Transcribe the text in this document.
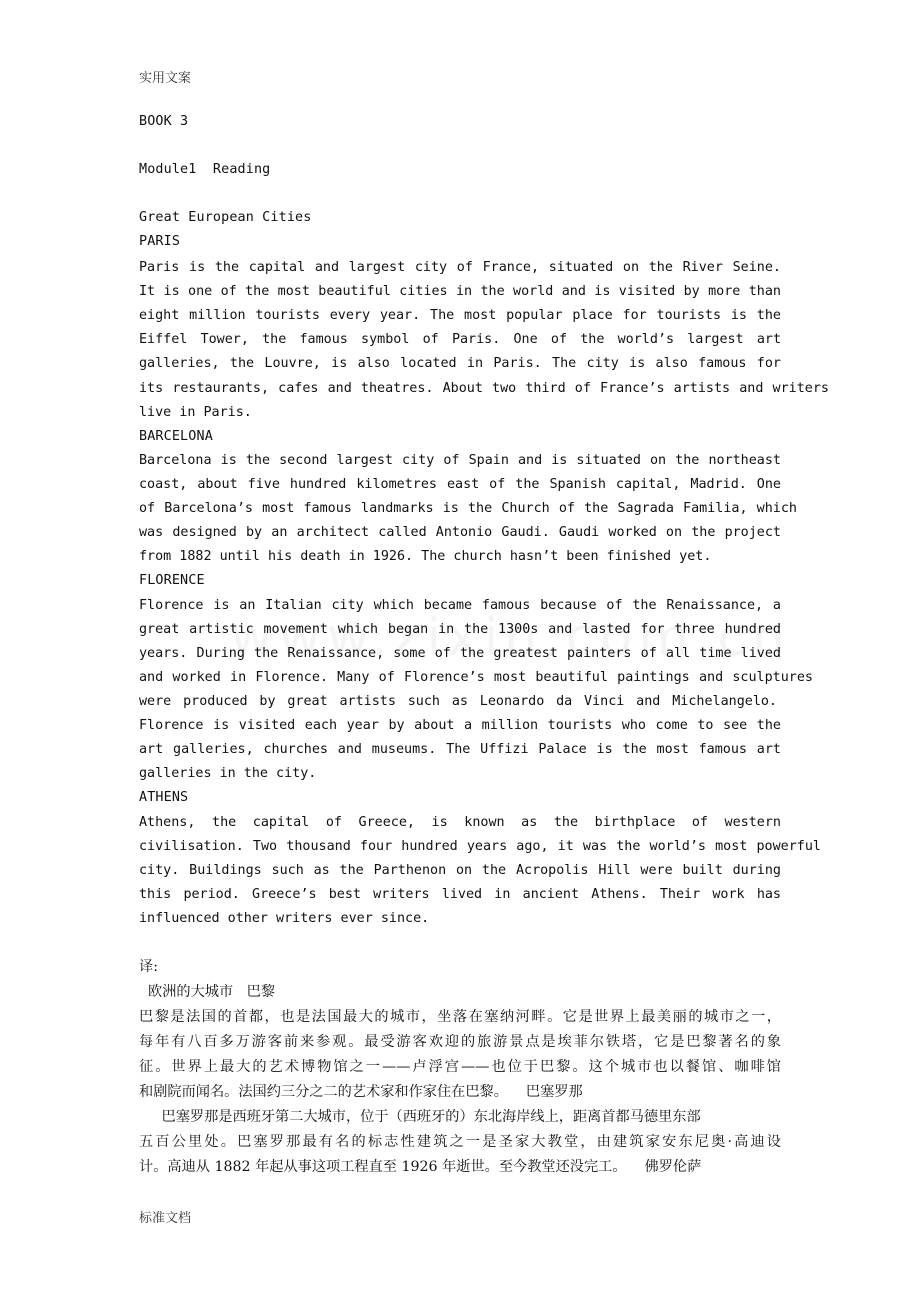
实用文案
BOOK 3
Module1  Reading
Great European Cities
PARIS
Paris is the capital and largest city of France, situated on the River Seine.
It is one of the most beautiful cities in the world and is visited by more than
eight million tourists every year. The most popular place for tourists is the
Eiffel Tower, the famous symbol of Paris. One of the world’s largest art
galleries, the Louvre, is also located in Paris. The city is also famous for
its restaurants, cafes and theatres. About two third of France’s artists and writers
live in Paris.
BARCELONA
Barcelona is the second largest city of Spain and is situated on the northeast
coast, about five hundred kilometres east of the Spanish capital, Madrid. One
of Barcelona’s most famous landmarks is the Church of the Sagrada Familia, which
was designed by an architect called Antonio Gaudi. Gaudi worked on the project
from 1882 until his death in 1926. The church hasn’t been finished yet.
FLORENCE
Florence is an Italian city which became famous because of the Renaissance, a
great artistic movement which began in the 1300s and lasted for three hundred
years. During the Renaissance, some of the greatest painters of all time lived
and worked in Florence. Many of Florence’s most beautiful paintings and sculptures
were produced by great artists such as Leonardo da Vinci and Michelangelo.
Florence is visited each year by about a million tourists who come to see the
art galleries, churches and museums. The Uffizi Palace is the most famous art
galleries in the city.
ATHENS
Athens, the capital of Greece, is known as the birthplace of western
civilisation. Two thousand four hundred years ago, it was the world’s most powerful
city. Buildings such as the Parthenon on the Acropolis Hill were built during
this period. Greece’s best writers lived in ancient Athens. Their work has
influenced other writers ever since.
译:
欧洲的大城市   巴黎
巴黎是法国的首都，也是法国最大的城市，坐落在塞纳河畔。它是世界上最美丽的城市之一，
每年有八百多万游客前来参观。最受游客欢迎的旅游景点是埃菲尔铁塔，它是巴黎著名的象
征。世界上最大的艺术博物馆之一——卢浮宫——也位于巴黎。这个城市也以餐馆、咖啡馆
和剧院而闻名。法国约三分之二的艺术家和作家住在巴黎。    巴塞罗那
巴塞罗那是西班牙第二大城市，位于（西班牙的）东北海岸线上，距离首都马德里东部
五百公里处。巴塞罗那最有名的标志性建筑之一是圣家大教堂，由建筑家安东尼奥·高迪设
计。高迪从 1882 年起从事这项工程直至 1926 年逝世。至今教堂还没完工。    佛罗伦萨
标准文档
